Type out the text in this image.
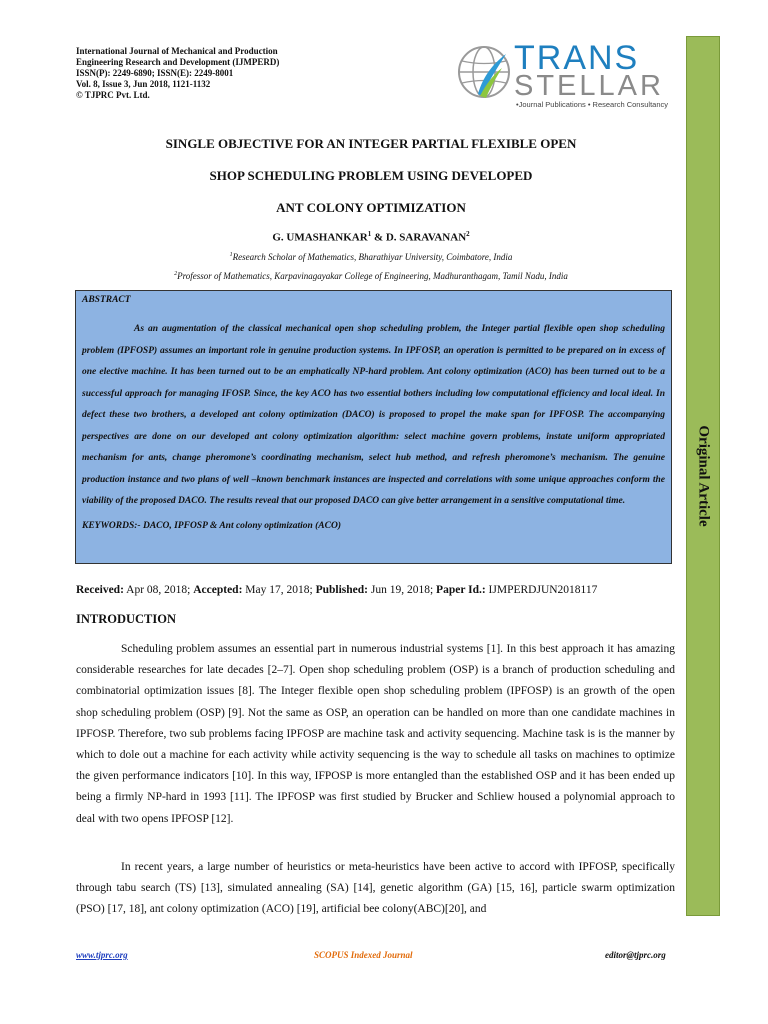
International Journal of Mechanical and Production
Engineering Research and Development (IJMPERD)
ISSN(P): 2249-6890; ISSN(E): 2249-8001
Vol. 8, Issue 3, Jun 2018, 1121-1132
© TJPRC Pvt. Ltd.
TRANS
STELLAR
•Journal Publications • Research Consultancy
Original Article
SINGLE OBJECTIVE FOR AN INTEGER PARTIAL FLEXIBLE OPEN
SHOP SCHEDULING PROBLEM USING DEVELOPED
ANT COLONY OPTIMIZATION
G. UMASHANKAR$^1$ & D. SARAVANAN$^2$
$^1$Research Scholar of Mathematics, Bharathiyar University, Coimbatore, India
$^2$Professor of Mathematics, Karpavinagayakar College of Engineering, Madhuranthagam, Tamil Nadu, India
ABSTRACT
As an augmentation of the classical mechanical open shop scheduling problem, the Integer partial flexible open shop scheduling problem (IPFOSP) assumes an important role in genuine production systems. In IPFOSP, an operation is permitted to be prepared on in excess of one elective machine. It has been turned out to be an emphatically NP-hard problem. Ant colony optimization (ACO) has been turned out to be a successful approach for managing IFOSP. Since, the key ACO has two essential bothers including low computational efficiency and local ideal. In defect these two brothers, a developed ant colony optimization (DACO) is proposed to propel the make span for IPFOSP. The accompanying perspectives are done on our developed ant colony optimization algorithm: select machine govern problems, instate uniform appropriated mechanism for ants, change pheromone’s coordinating mechanism, select hub method, and refresh pheromone’s mechanism. The genuine production instance and two plans of well –known benchmark instances are inspected and correlations with some unique approaches conform the viability of the proposed DACO. The results reveal that our proposed DACO can give better arrangement in a sensitive computational time.
KEYWORDS:- DACO, IPFOSP & Ant colony optimization (ACO)
Received: Apr 08, 2018; Accepted: May 17, 2018; Published: Jun 19, 2018; Paper Id.: IJMPERDJUN2018117
INTRODUCTION
Scheduling problem assumes an essential part in numerous industrial systems [1]. In this best approach it has amazing considerable researches for late decades [2–7]. Open shop scheduling problem (OSP) is a branch of production scheduling and combinatorial optimization issues [8]. The Integer flexible open shop scheduling problem (IPFOSP) is an growth of the open shop scheduling problem (OSP) [9]. Not the same as OSP, an operation can be handled on more than one candidate machines in IPFOSP. Therefore, two sub problems facing IPFOSP are machine task and activity sequencing. Machine task is is the manner by which to dole out a machine for each activity while activity sequencing is the way to schedule all tasks on machines to optimize the given performance indicators [10]. In this way, IFPOSP is more entangled than the established OSP and it has been ended up being a firmly NP-hard in 1993 [11]. The IPFOSP was first studied by Brucker and Schliew housed a polynomial approach to deal with two opens IPFOSP [12].
In recent years, a large number of heuristics or meta-heuristics have been active to accord with IPFOSP, specifically through tabu search (TS) [13], simulated annealing (SA) [14], genetic algorithm (GA) [15, 16], particle swarm optimization (PSO) [17, 18], ant colony optimization (ACO) [19], artificial bee colony(ABC)[20], and
www.tjprc.org	SCOPUS Indexed Journal	editor@tjprc.org
